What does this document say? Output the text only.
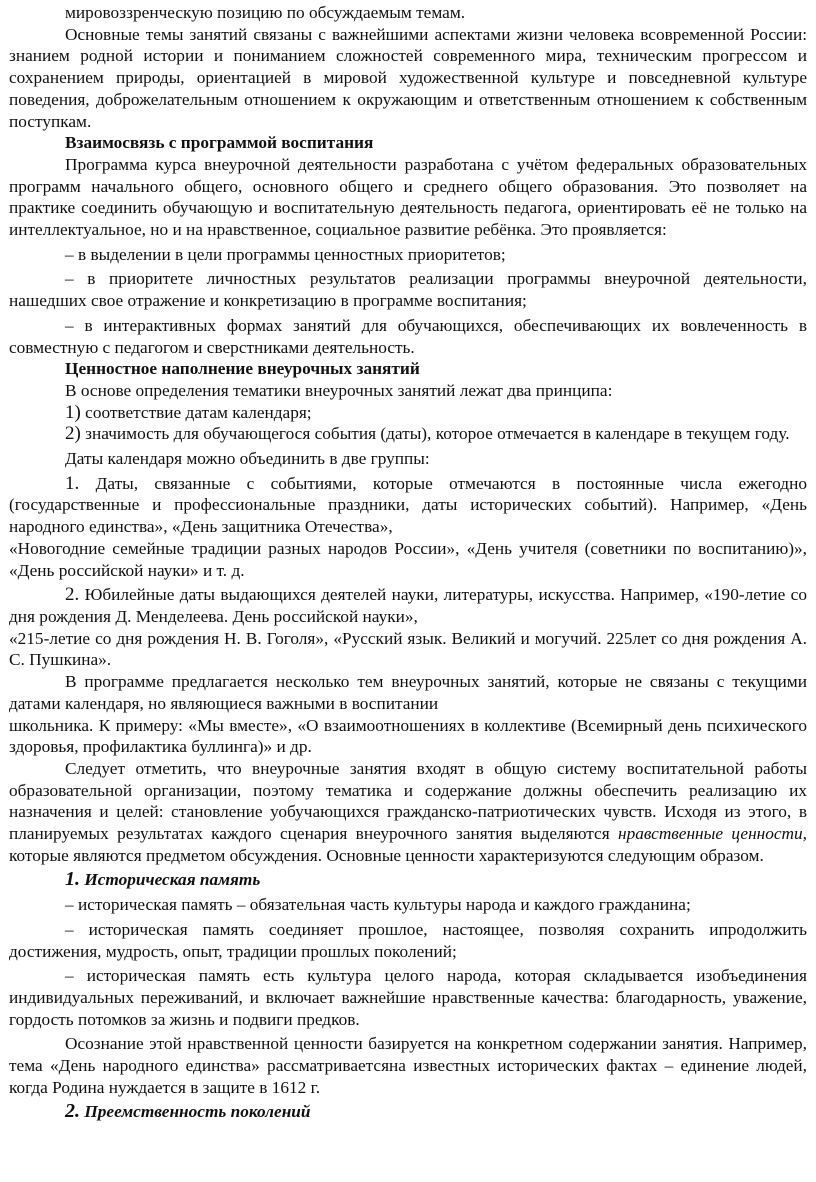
мировоззренческую позицию по обсуждаемым темам.

Основные темы занятий связаны с важнейшими аспектами жизни человека всовременной России: знанием родной истории и пониманием сложностей современного мира, техническим прогрессом и сохранением природы, ориентацией в мировой художественной культуре и повседневной культуре поведения, доброжелательным отношением к окружающим и ответственным отношением к собственным поступкам.

Взаимосвязь с программой воспитания

Программа курса внеурочной деятельности разработана с учётом федеральных образовательных программ начального общего, основного общего и среднего общего образования. Это позволяет на практике соединить обучающую и воспитательную деятельность педагога, ориентировать её не только на интеллектуальное, но и на нравственное, социальное развитие ребёнка. Это проявляется:

– в выделении в цели программы ценностных приоритетов;

– в приоритете личностных результатов реализации программы внеурочной деятельности, нашедших свое отражение и конкретизацию в программе воспитания;

– в интерактивных формах занятий для обучающихся, обеспечивающих их вовлеченность в совместную с педагогом и сверстниками деятельность.

Ценностное наполнение внеурочных занятий

В основе определения тематики внеурочных занятий лежат два принципа:

1) соответствие датам календаря;

2) значимость для обучающегося события (даты), которое отмечается в календаре в текущем году.

Даты календаря можно объединить в две группы:

1. Даты, связанные с событиями, которые отмечаются в постоянные числа ежегодно (государственные и профессиональные праздники, даты исторических событий). Например, «День народного единства», «День защитника Отечества»,

«Новогодние семейные традиции разных народов России», «День учителя (советники по воспитанию)», «День российской науки» и т. д.

2. Юбилейные даты выдающихся деятелей науки, литературы, искусства. Например, «190-летие со дня рождения Д. Менделеева. День российской науки»,

«215-летие со дня рождения Н. В. Гоголя», «Русский язык. Великий и могучий. 225лет со дня рождения А. С. Пушкина».

В программе предлагается несколько тем внеурочных занятий, которые не связаны с текущими датами календаря, но являющиеся важными в воспитании

школьника. К примеру: «Мы вместе», «О взаимоотношениях в коллективе (Всемирный день психического здоровья, профилактика буллинга)» и др.

Следует отметить, что внеурочные занятия входят в общую систему воспитательной работы образовательной организации, поэтому тематика и содержание должны обеспечить реализацию их назначения и целей: становление уобучающихся гражданско-патриотических чувств. Исходя из этого, в планируемых результатах каждого сценария внеурочного занятия выделяются нравственные ценности, которые являются предметом обсуждения. Основные ценности характеризуются следующим образом.

1. Историческая память

– историческая память – обязательная часть культуры народа и каждого гражданина;

– историческая память соединяет прошлое, настоящее, позволяя сохранить ипродолжить достижения, мудрость, опыт, традиции прошлых поколений;

– историческая память есть культура целого народа, которая складывается изобъединения индивидуальных переживаний, и включает важнейшие нравственные качества: благодарность, уважение, гордость потомков за жизнь и подвиги предков.

Осознание этой нравственной ценности базируется на конкретном содержании занятия. Например, тема «День народного единства» рассматриваетсяна известных исторических фактах – единение людей, когда Родина нуждается в защите в 1612 г.

2. Преемственность поколений
